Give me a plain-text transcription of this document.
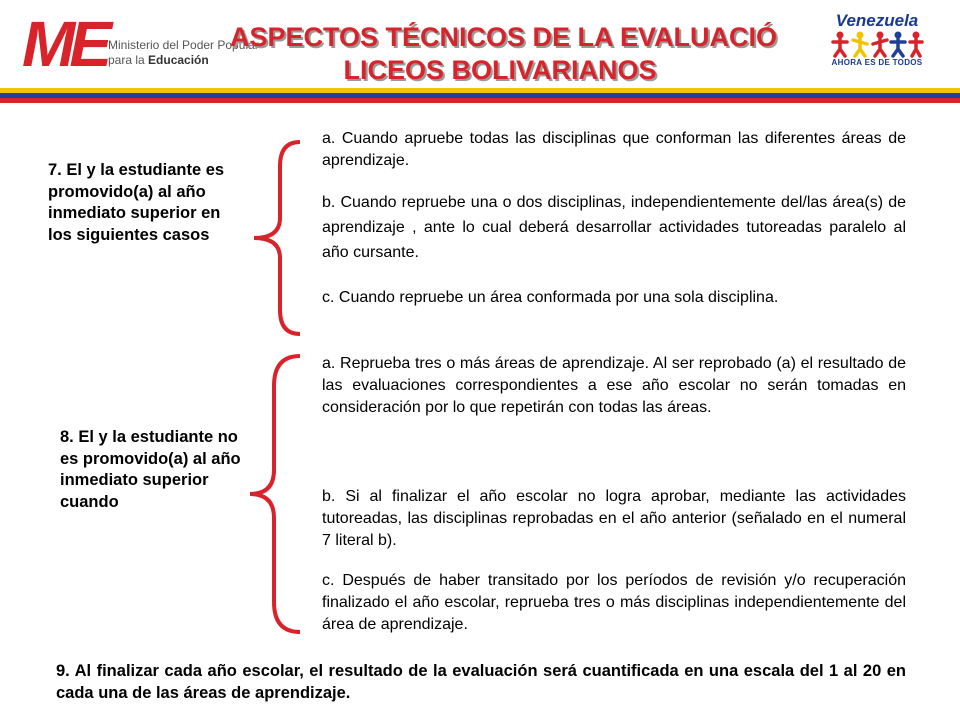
ME Ministerio del Poder Popular
para la Educación
ASPECTOS TÉCNICOS DE LA EVALUACIÓ
LICEOS BOLIVARIANOS
Venezuela
AHORA ES DE TODOS
7. El y la estudiante es promovido(a) al año inmediato superior en los siguientes casos
a. Cuando apruebe todas las disciplinas que conforman las diferentes áreas de aprendizaje.
b. Cuando repruebe una o dos disciplinas, independientemente del/las área(s) de aprendizaje , ante lo cual deberá desarrollar actividades tutoreadas paralelo al año cursante.
c. Cuando repruebe un área conformada por una sola disciplina.
8. El y la estudiante no es promovido(a) al año inmediato superior cuando
a. Reprueba tres o más áreas de aprendizaje. Al ser reprobado (a) el resultado de las evaluaciones correspondientes a ese año escolar no serán tomadas en consideración por lo que repetirán con todas las áreas.
b. Si al finalizar el año escolar no logra aprobar, mediante las actividades tutoreadas, las disciplinas reprobadas en el año anterior (señalado en el numeral 7 literal b).
c. Después de haber transitado por los períodos de revisión y/o recuperación finalizado el año escolar, reprueba tres o más disciplinas independientemente del área de aprendizaje.
9. Al finalizar cada año escolar, el resultado de la evaluación será cuantificada en una escala del 1 al 20 en cada una de las áreas de aprendizaje.
